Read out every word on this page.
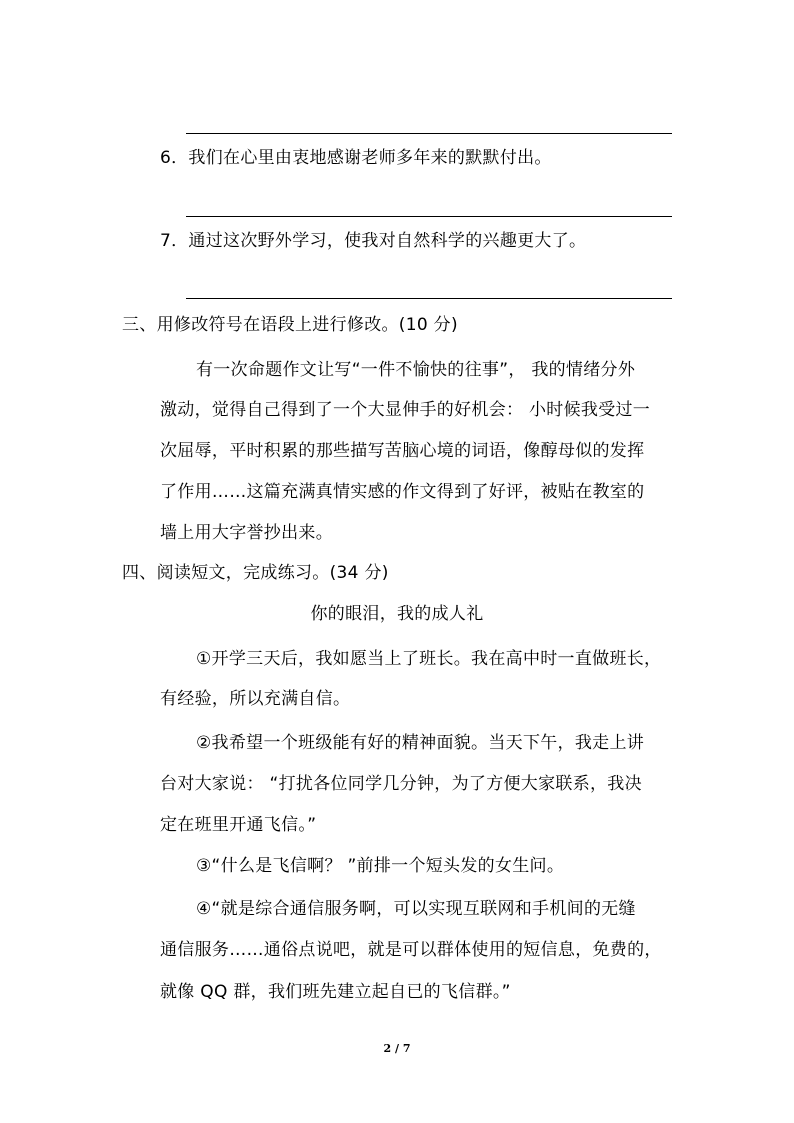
6．我们在心里由衷地感谢老师多年来的默默付出。
7．通过这次野外学习，使我对自然科学的兴趣更大了。
三、用修改符号在语段上进行修改。(10 分)
有一次命题作文让写“一件不愉快的往事”， 我的情绪分外
激动，觉得自己得到了一个大显伸手的好机会： 小时候我受过一
次屈辱，平时积累的那些描写苦脑心境的词语，像醇母似的发挥
了作用……这篇充满真情实感的作文得到了好评，被贴在教室的
墙上用大字誉抄出来。
四、阅读短文，完成练习。(34 分)
你的眼泪，我的成人礼
①开学三天后，我如愿当上了班长。我在高中时一直做班长，
有经验，所以充满自信。
②我希望一个班级能有好的精神面貌。当天下午，我走上讲
台对大家说： “打扰各位同学几分钟，为了方便大家联系，我决
定在班里开通飞信。”
③“什么是飞信啊？ ”前排一个短头发的女生问。
④“就是综合通信服务啊，可以实现互联网和手机间的无缝
通信服务……通俗点说吧，就是可以群体使用的短信息，免费的，
就像 QQ 群，我们班先建立起自已的飞信群。”
2 / 7
